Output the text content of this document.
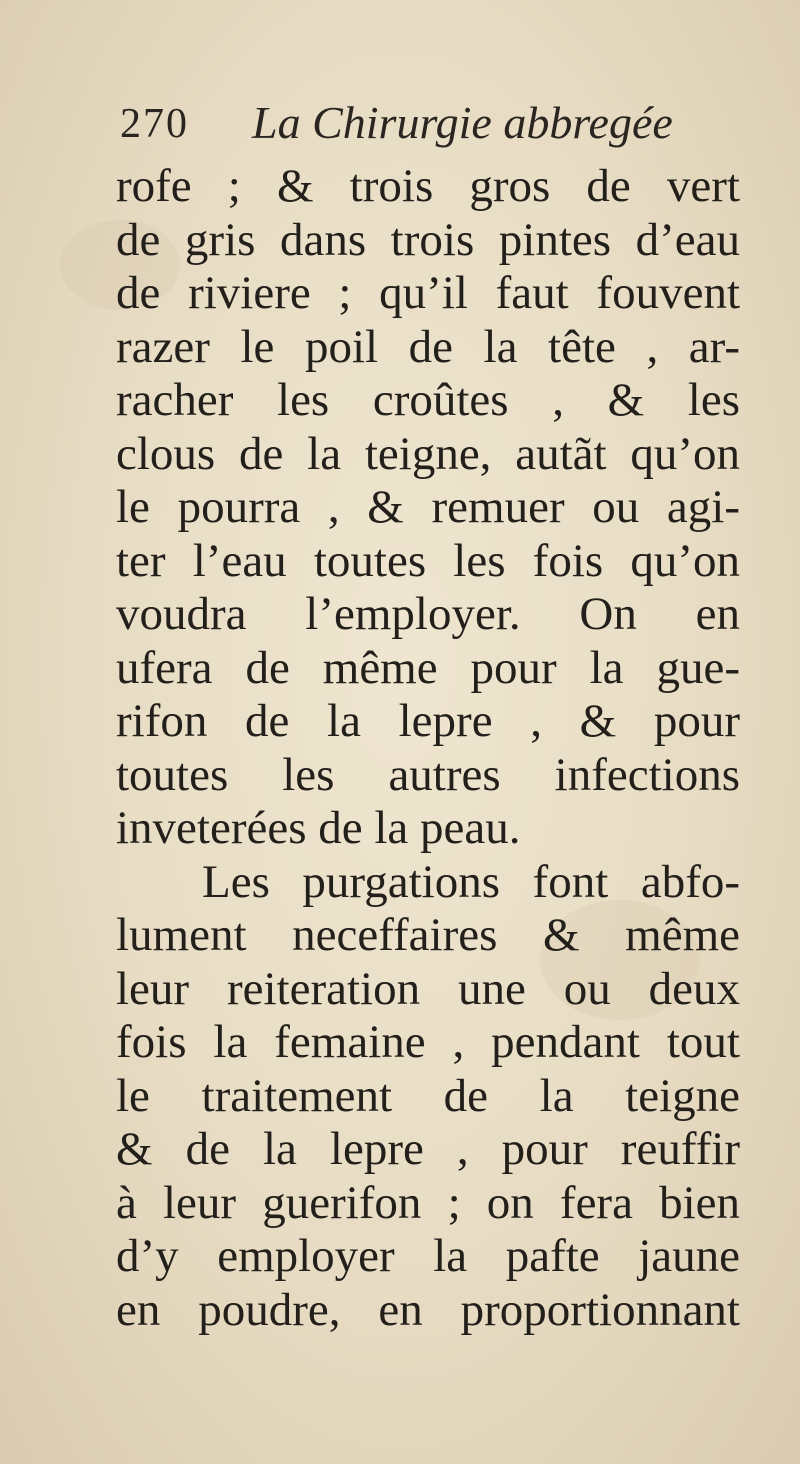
270 La Chirurgie abbregée
rofe ; & trois gros de vert
de gris dans trois pintes d’eau
de riviere ; qu’il faut fouvent
razer le poil de la tête , ar-
racher les croûtes , & les
clous de la teigne, autãt qu’on
le pourra , & remuer ou agi-
ter l’eau toutes les fois qu’on
voudra l’employer. On en
ufera de même pour la gue-
rifon de la lepre , & pour
toutes les autres infections
inveterées de la peau.
Les purgations font abfo-
lument neceffaires & même
leur reiteration une ou deux
fois la femaine , pendant tout
le traitement de la teigne
& de la lepre , pour reuffir
à leur guerifon ; on fera bien
d’y employer la pafte jaune
en poudre, en proportionnant
